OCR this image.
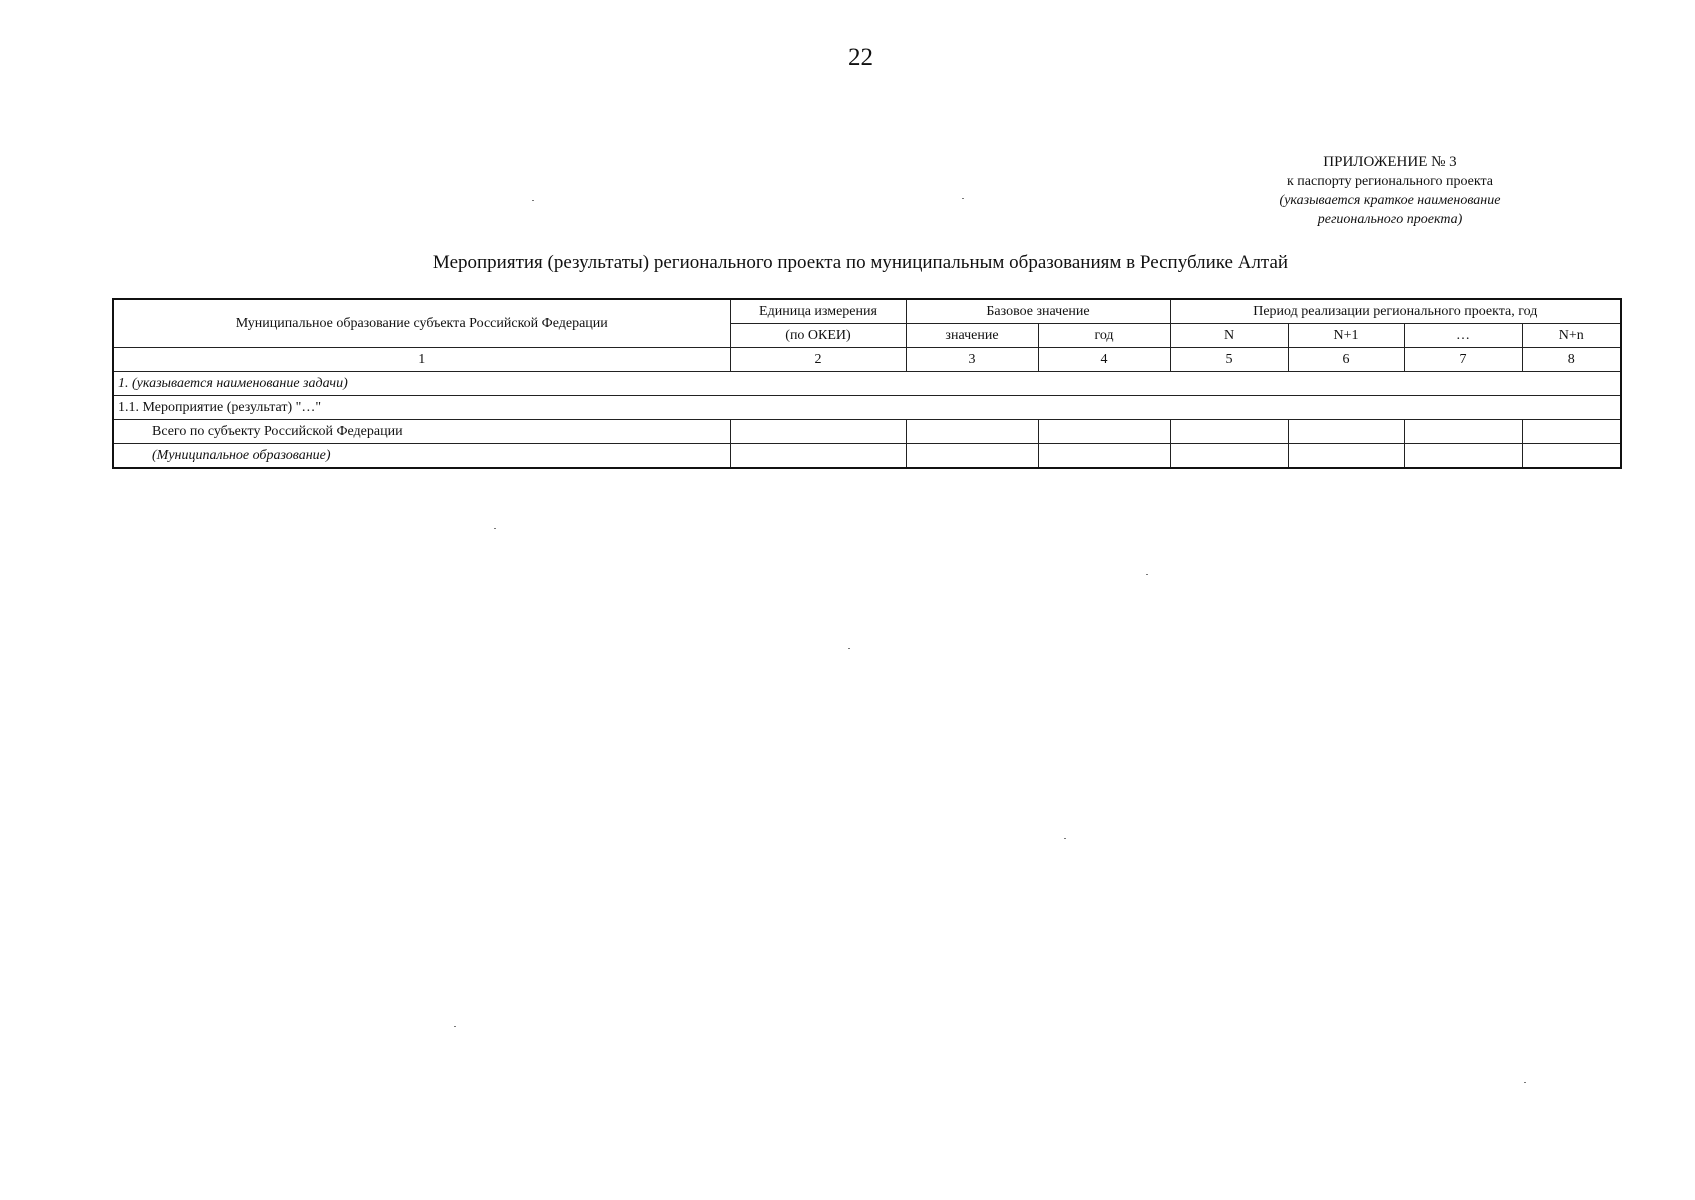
22
ПРИЛОЖЕНИЕ № 3
к паспорту регионального проекта
(указывается краткое наименование
регионального проекта)
Мероприятия (результаты) регионального проекта по муниципальным образованиям в Республике Алтай
Муниципальное образование субъекта Российской Федерации	Единица измерения	Базовое значение		Период реализации регионального проекта, год			
	(по ОКЕИ)	значение	год	N	N+1	…	N+n
1	2	3	4	5	6	7	8
1. (указывается наименование задачи)							
1.1. Мероприятие (результат) "…"							
Всего по субъекту Российской Федерации							
(Муниципальное образование)							
